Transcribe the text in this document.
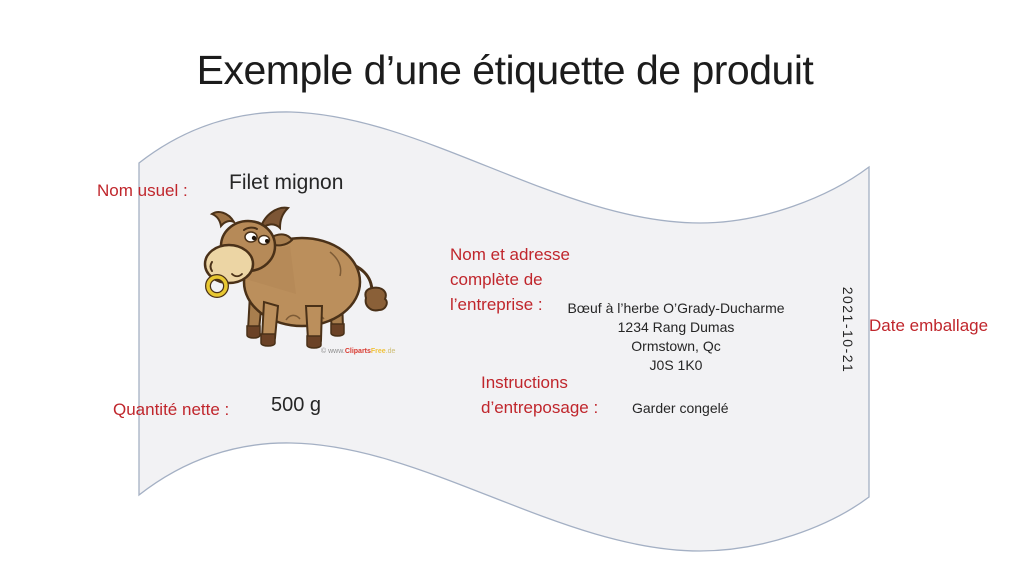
Exemple d’une étiquette de produit
Nom usuel : Filet mignon
© www.ClipartsFree.de
Nom et adresse
complète de
l’entreprise :	Bœuf à l’herbe O’Grady-Ducharme
1234 Rang Dumas
Ormstown, Qc
J0S 1K0
Instructions
d’entreposage : Garder congelé
Quantité nette : 500 g
2021-10-21 Date emballage
